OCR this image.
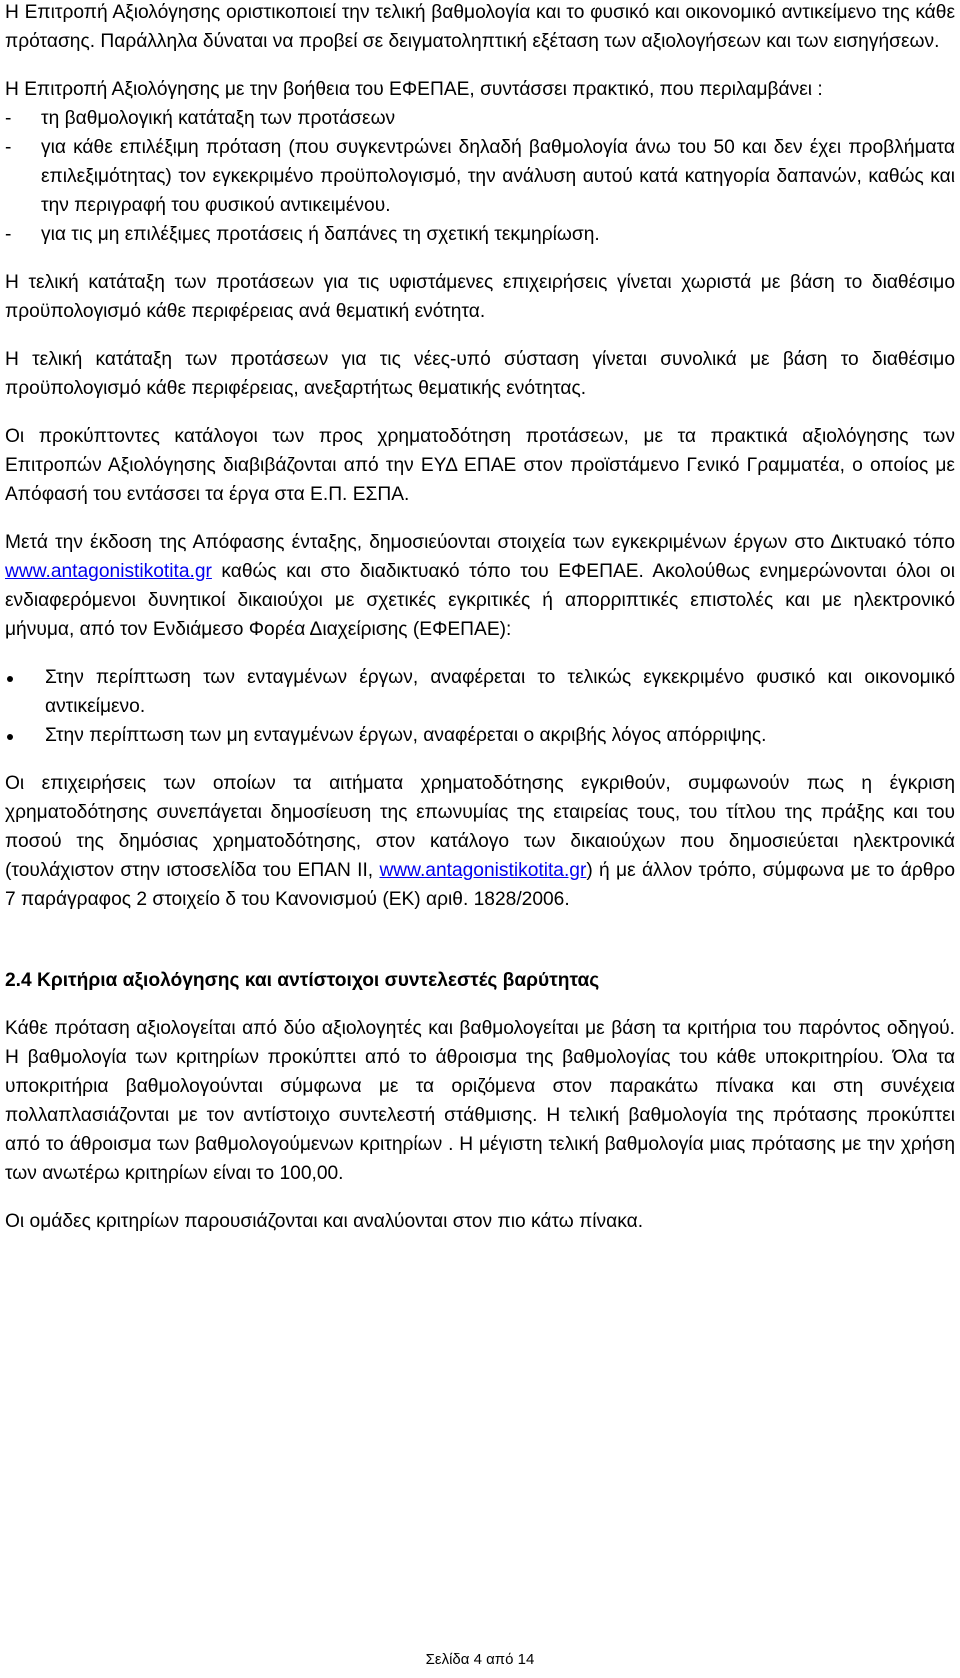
Η Επιτροπή Αξιολόγησης οριστικοποιεί την τελική βαθμολογία και το φυσικό και οικονομικό αντικείμενο της κάθε πρότασης. Παράλληλα δύναται να προβεί σε δειγματοληπτική εξέταση των αξιολογήσεων και των εισηγήσεων.

Η Επιτροπή Αξιολόγησης με την βοήθεια του ΕΦΕΠΑΕ, συντάσσει πρακτικό, που περιλαμβάνει :

-	τη βαθμολογική κατάταξη των προτάσεων
-	για κάθε επιλέξιμη πρόταση (που συγκεντρώνει δηλαδή βαθμολογία άνω του 50 και δεν έχει προβλήματα επιλεξιμότητας) τον εγκεκριμένο προϋπολογισμό, την ανάλυση αυτού κατά κατηγορία δαπανών, καθώς και την περιγραφή του φυσικού αντικειμένου.
-	για τις μη επιλέξιμες προτάσεις ή δαπάνες τη σχετική τεκμηρίωση.

Η τελική κατάταξη των προτάσεων για τις υφιστάμενες επιχειρήσεις γίνεται χωριστά με βάση το διαθέσιμο προϋπολογισμό κάθε περιφέρειας ανά θεματική ενότητα.

Η τελική κατάταξη των προτάσεων για τις νέες-υπό σύσταση γίνεται συνολικά με βάση το διαθέσιμο προϋπολογισμό κάθε περιφέρειας, ανεξαρτήτως θεματικής ενότητας.

Οι προκύπτοντες κατάλογοι των προς χρηματοδότηση προτάσεων, με τα πρακτικά αξιολόγησης των Επιτροπών Αξιολόγησης διαβιβάζονται από την ΕΥΔ ΕΠΑΕ στον προϊστάμενο Γενικό Γραμματέα, ο οποίος με Απόφασή του εντάσσει τα έργα στα Ε.Π. ΕΣΠΑ.

Μετά την έκδοση της Απόφασης ένταξης, δημοσιεύονται στοιχεία των εγκεκριμένων έργων στο Δικτυακό τόπο www.antagonistikotita.gr καθώς και στο διαδικτυακό τόπο του ΕΦΕΠΑΕ. Ακολούθως ενημερώνονται όλοι οι ενδιαφερόμενοι δυνητικοί δικαιούχοι με σχετικές εγκριτικές ή απορριπτικές επιστολές και με ηλεκτρονικό μήνυμα, από τον Ενδιάμεσο Φορέα Διαχείρισης (ΕΦΕΠΑΕ):

Στην περίπτωση των ενταγμένων έργων, αναφέρεται το τελικώς εγκεκριμένο φυσικό και οικονομικό αντικείμενο.
Στην περίπτωση των μη ενταγμένων έργων, αναφέρεται ο ακριβής λόγος απόρριψης.

Οι επιχειρήσεις των οποίων τα αιτήματα χρηματοδότησης εγκριθούν, συμφωνούν πως η έγκριση χρηματοδότησης συνεπάγεται δημοσίευση της επωνυμίας της εταιρείας τους, του τίτλου της πράξης και του ποσού της δημόσιας χρηματοδότησης, στον κατάλογο των δικαιούχων που δημοσιεύεται ηλεκτρονικά (τουλάχιστον στην ιστοσελίδα του ΕΠΑΝ ΙΙ, www.antagonistikotita.gr) ή με άλλον τρόπο, σύμφωνα με το άρθρο 7 παράγραφος 2 στοιχείο δ του Κανονισμού (ΕΚ) αριθ. 1828/2006.

2.4 Κριτήρια αξιολόγησης και αντίστοιχοι συντελεστές βαρύτητας

Κάθε πρόταση αξιολογείται από δύο αξιολογητές και βαθμολογείται με βάση τα κριτήρια του παρόντος οδηγού. Η βαθμολογία των κριτηρίων προκύπτει από το άθροισμα της βαθμολογίας του κάθε υποκριτηρίου. Όλα τα υποκριτήρια βαθμολογούνται σύμφωνα με τα οριζόμενα στον παρακάτω πίνακα και στη συνέχεια πολλαπλασιάζονται με τον αντίστοιχο συντελεστή στάθμισης. Η τελική βαθμολογία της πρότασης προκύπτει από το άθροισμα των βαθμολογούμενων κριτηρίων . Η μέγιστη τελική βαθμολογία μιας πρότασης με την χρήση των ανωτέρω κριτηρίων είναι το 100,00.

Οι ομάδες κριτηρίων παρουσιάζονται και αναλύονται στον πιο κάτω πίνακα.

Σελίδα 4 από 14
